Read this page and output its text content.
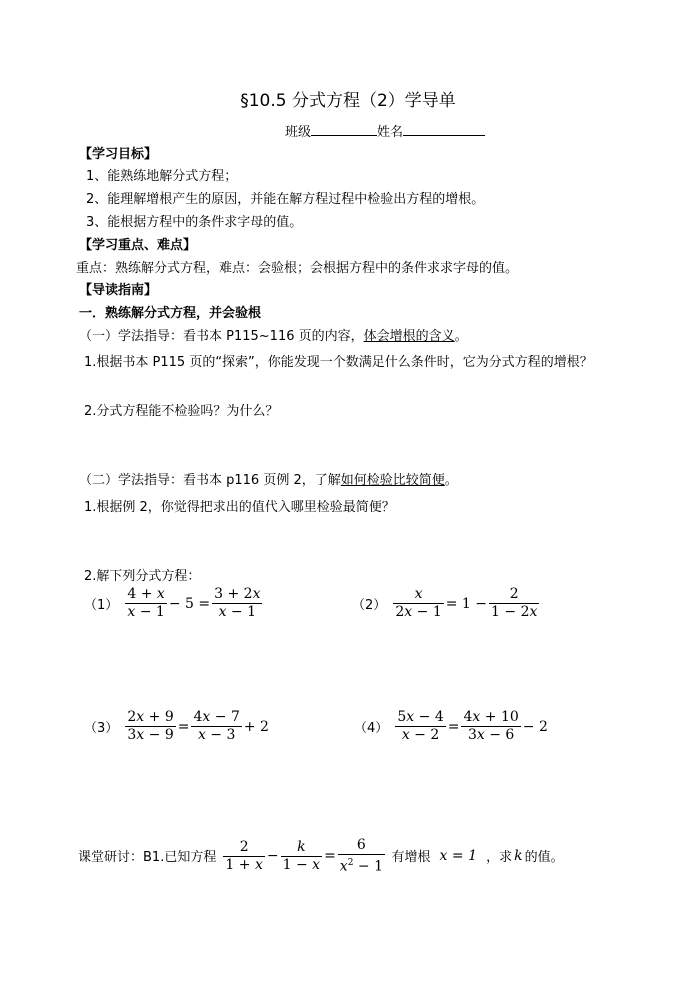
§10.5 分式方程（2）学导单
班级	姓名
【学习目标】
1、能熟练地解分式方程；
2、能理解增根产生的原因，并能在解方程过程中检验出方程的增根。
3、能根据方程中的条件求字母的值。
【学习重点、难点】
重点：熟练解分式方程，难点：会验根；会根据方程中的条件求求字母的值。
【导读指南】
一．熟练解分式方程，并会验根
（一）学法指导：看书本 P115~116 页的内容，体会增根的含义。
1.根据书本 P115 页的“探索”，你能发现一个数满足什么条件时，它为分式方程的增根？
2.分式方程能不检验吗？为什么？
（二）学法指导：看书本 p116 页例 2，了解如何检验比较简便。
1.根据例 2，你觉得把求出的值代入哪里检验最简便？
2.解下列分式方程：
$(1) \frac{4 + x}{x - 1} - 5 = \frac{3 + 2x}{x - 1}$	$(2) \frac{x}{2x - 1} = 1 - \frac{2}{1 - 2x}$
$(3) \frac{2x + 9}{3x - 9} = \frac{4x - 7}{x - 3} + 2$	$(4) \frac{5x - 4}{x - 2} = \frac{4x + 10}{3x - 6} - 2$
课堂研讨：B1.已知方程 $\frac{2}{1 + x} - \frac{k}{1 - x} = \frac{6}{x^2 - 1}$ 有增根 x = 1 ，求 k 的值。
